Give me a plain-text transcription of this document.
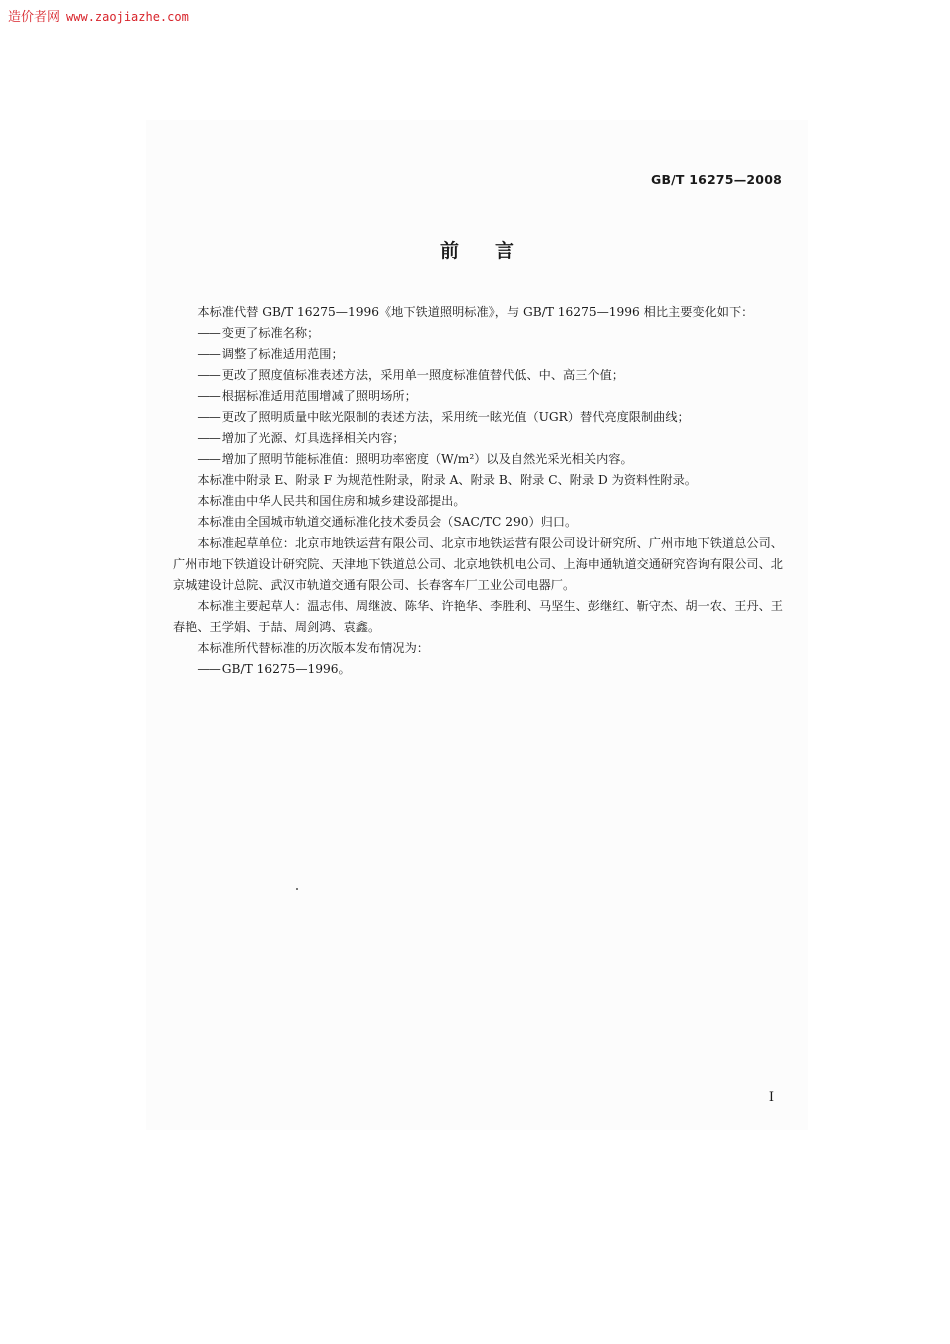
造价者网 www.zaojiazhe.com
GB/T 16275—2008
前言

本标准代替 GB/T 16275—1996《地下铁道照明标准》，与 GB/T 16275—1996 相比主要变化如下：

—— 变更了标准名称；

—— 调整了标准适用范围；

—— 更改了照度值标准表述方法，采用单一照度标准值替代低、中、高三个值；

—— 根据标准适用范围增减了照明场所；

—— 更改了照明质量中眩光限制的表述方法，采用统一眩光值（UGR）替代亮度限制曲线；

—— 增加了光源、灯具选择相关内容；

—— 增加了照明节能标准值：照明功率密度（W/m²）以及自然光采光相关内容。

本标准中附录 E、附录 F 为规范性附录，附录 A、附录 B、附录 C、附录 D 为资料性附录。

本标准由中华人民共和国住房和城乡建设部提出。

本标准由全国城市轨道交通标准化技术委员会（SAC/TC 290）归口。

本标准起草单位：北京市地铁运营有限公司、北京市地铁运营有限公司设计研究所、广州市地下铁道总公司、广州市地下铁道设计研究院、天津地下铁道总公司、北京地铁机电公司、上海申通轨道交通研究咨询有限公司、北京城建设计总院、武汉市轨道交通有限公司、长春客车厂工业公司电器厂。

本标准主要起草人：温志伟、周继波、陈华、许艳华、李胜利、马坚生、彭继红、靳守杰、胡一农、王丹、王春艳、王学娟、于喆、周剑鸿、袁鑫。

本标准所代替标准的历次版本发布情况为：

—— GB/T 16275—1996。

I
